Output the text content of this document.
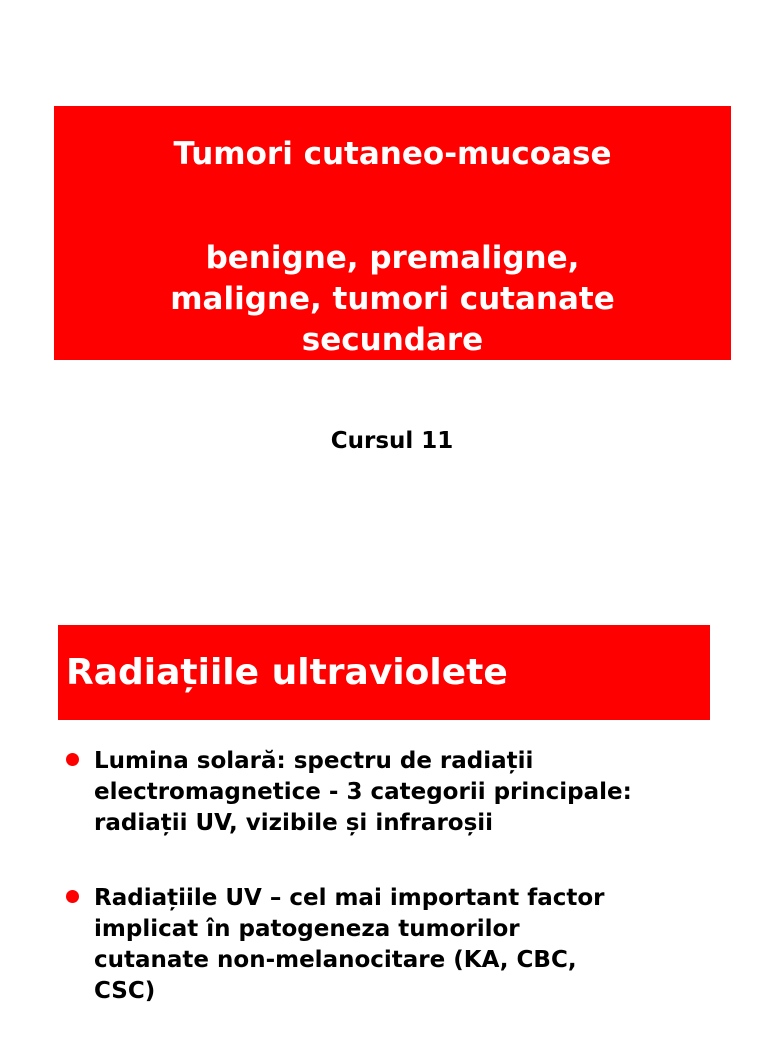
Tumori cutaneo-mucoase
benigne, premaligne,
maligne, tumori cutanate
secundare
Cursul 11
Radiațiile ultraviolete
Lumina solară: spectru de radiații
electromagnetice - 3 categorii principale:
radiații UV, vizibile și infraroșii
Radiațiile UV – cel mai important factor
implicat în patogeneza tumorilor
cutanate non-melanocitare (KA, CBC,
CSC)
